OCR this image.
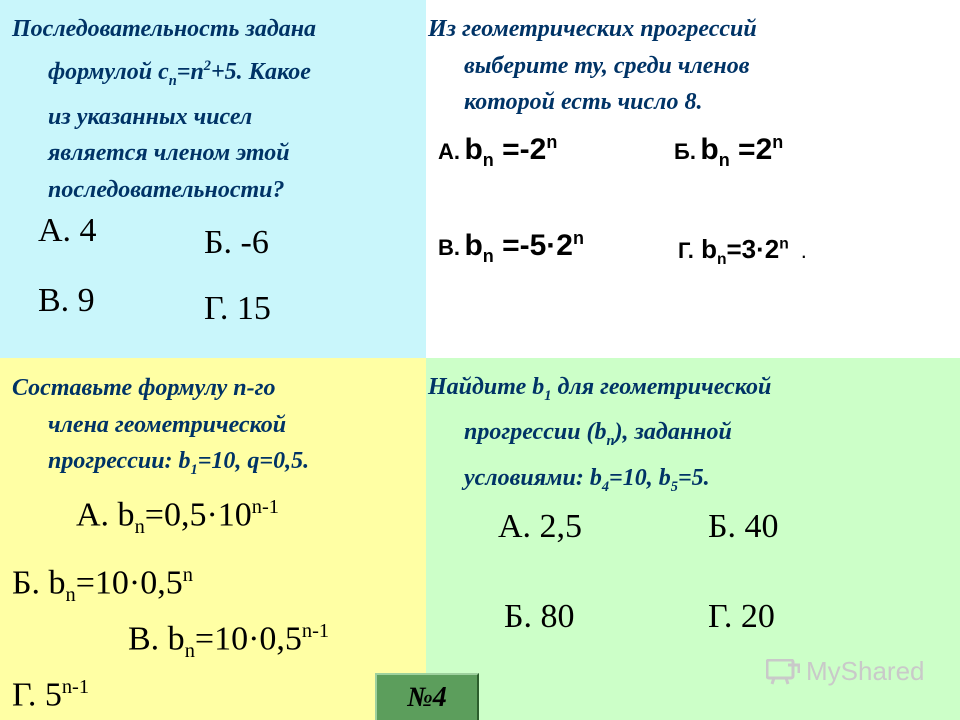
Последовательность задана
формулой $c_n=n^2+5$. Какое
из указанных чисел
является членом этой
последовательности?
А. 4	Б. -6
В. 9	Г. 15
Из геометрических прогрессий
выберите ту, среди членов
которой есть число 8.
А. $b_n =-2^n$	Б. $b_n =2^n$
В. $b_n =-5\cdot 2^n$	Г. $b_n=3\cdot 2^n$ .
Составьте формулу n-го
члена геометрической
прогрессии: $b_1=10$, q=0,5.
А. $b_n=0,5\cdot 10^{n-1}$
Б. $b_n=10\cdot 0,5^n$
В. $b_n=10\cdot 0,5^{n-1}$
Г. 5$^{n-1}$
Найдите $b_1$ для геометрической
прогрессии $(b_n)$, заданной
условиями: $b_4=10$, $b_5=5$.
А. 2,5	Б. 40
Б. 80	Г. 20
MyShared
№4
